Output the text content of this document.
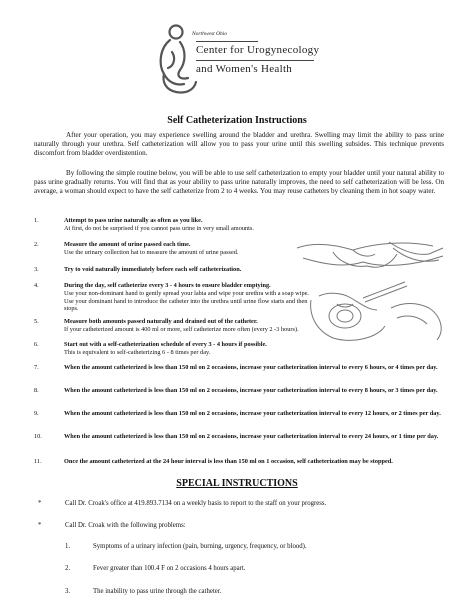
Northwest Ohio
Center for Urogynecology
and Women's Health
Self Catheterization Instructions
After your operation, you may experience swelling around the bladder and urethra. Swelling may limit the ability to pass urine naturally through your urethra. Self catheterization will allow you to pass your urine until this swelling subsides. This technique prevents discomfort from bladder overdistention.
By following the simple routine below, you will be able to use self catheterization to empty your bladder until your natural ability to pass urine gradually returns. You will find that as your ability to pass urine naturally improves, the need to self catheterization will be less. On average, a woman should expect to have the self catheterize from 2 to 4 weeks. You may reuse catheters by cleaning them in hot soapy water.
1.	Attempt to pass urine naturally as often as you like.
At first, do not be surprised if you cannot pass urine in very small amounts.
2.	Measure the amount of urine passed each time.
Use the urinary collection hat to measure the amount of urine passed.
3.	Try to void naturally immediately before each self catheterization.
4.	During the day, self catheterize every 3 - 4 hours to ensure bladder emptying.
Use your non-dominant hand to gently spread your labia and wipe your urethra with a soap wipe. Use your dominant hand to introduce the catheter into the urethra until urine flow starts and then stops.
5.	Measure both amounts passed naturally and drained out of the catheter.
If your catheterized amount is 400 ml or more, self catheterize more often (every 2 -3 hours).
6.	Start out with a self-catheterization schedule of every 3 - 4 hours if possible.
This is equivalent to self-catheterizing 6 - 8 times per day.
7.	When the amount catheterized is less than 150 ml on 2 occasions, increase your catheterization interval to every 6 hours, or 4 times per day.
8.	When the amount catheterized is less than 150 ml on 2 occasions, increase your catheterization interval to every 8 hours, or 3 times per day.
9.	When the amount catheterized is less than 150 ml on 2 occasions, increase your catheterization interval to every 12 hours, or 2 times per day.
10.	When the amount catheterized is less than 150 ml on 2 occasions, increase your catheterization interval to every 24 hours, or 1 time per day.
11.	Once the amount catheterized at the 24 hour interval is less than 150 ml on 1 occasion, self catheterization may be stopped.
SPECIAL INSTRUCTIONS
*	Call Dr. Croak's office at 419.893.7134 on a weekly basis to report to the staff on your progress.
*	Call Dr. Croak with the following problems:
1.	Symptoms of a urinary infection (pain, burning, urgency, frequency, or blood).
2.	Fever greater than 100.4 F on 2 occasions 4 hours apart.
3.	The inability to pass urine through the catheter.
